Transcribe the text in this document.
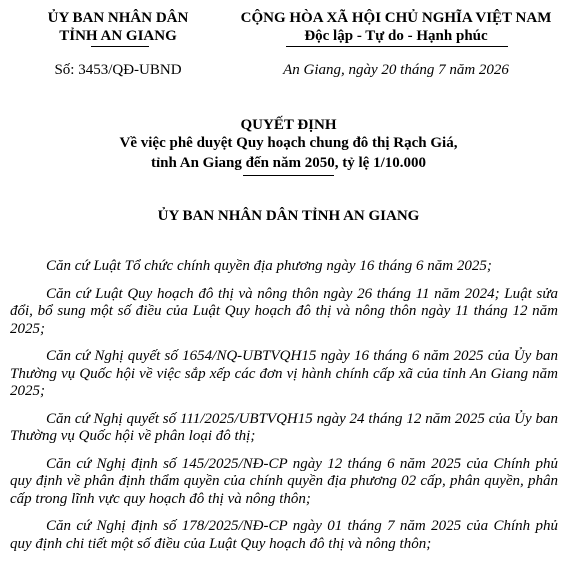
ỦY BAN NHÂN DÂN
TỈNH AN GIANG
CỘNG HÒA XÃ HỘI CHỦ NGHĨA VIỆT NAM
Độc lập - Tự do - Hạnh phúc
Số: 3453/QĐ-UBND	An Giang, ngày 20 tháng 7 năm 2026
QUYẾT ĐỊNH
Về việc phê duyệt Quy hoạch chung đô thị Rạch Giá,
tỉnh An Giang đến năm 2050, tỷ lệ 1/10.000
ỦY BAN NHÂN DÂN TỈNH AN GIANG

Căn cứ Luật Tổ chức chính quyền địa phương ngày 16 tháng 6 năm 2025;

Căn cứ Luật Quy hoạch đô thị và nông thôn ngày 26 tháng 11 năm 2024; Luật sửa đổi, bổ sung một số điều của Luật Quy hoạch đô thị và nông thôn ngày 11 tháng 12 năm 2025;

Căn cứ Nghị quyết số 1654/NQ-UBTVQH15 ngày 16 tháng 6 năm 2025 của Ủy ban Thường vụ Quốc hội về việc sắp xếp các đơn vị hành chính cấp xã của tỉnh An Giang năm 2025;

Căn cứ Nghị quyết số 111/2025/UBTVQH15 ngày 24 tháng 12 năm 2025 của Ủy ban Thường vụ Quốc hội về phân loại đô thị;

Căn cứ Nghị định số 145/2025/NĐ-CP ngày 12 tháng 6 năm 2025 của Chính phủ quy định về phân định thẩm quyền của chính quyền địa phương 02 cấp, phân quyền, phân cấp trong lĩnh vực quy hoạch đô thị và nông thôn;

Căn cứ Nghị định số 178/2025/NĐ-CP ngày 01 tháng 7 năm 2025 của Chính phủ quy định chi tiết một số điều của Luật Quy hoạch đô thị và nông thôn;
